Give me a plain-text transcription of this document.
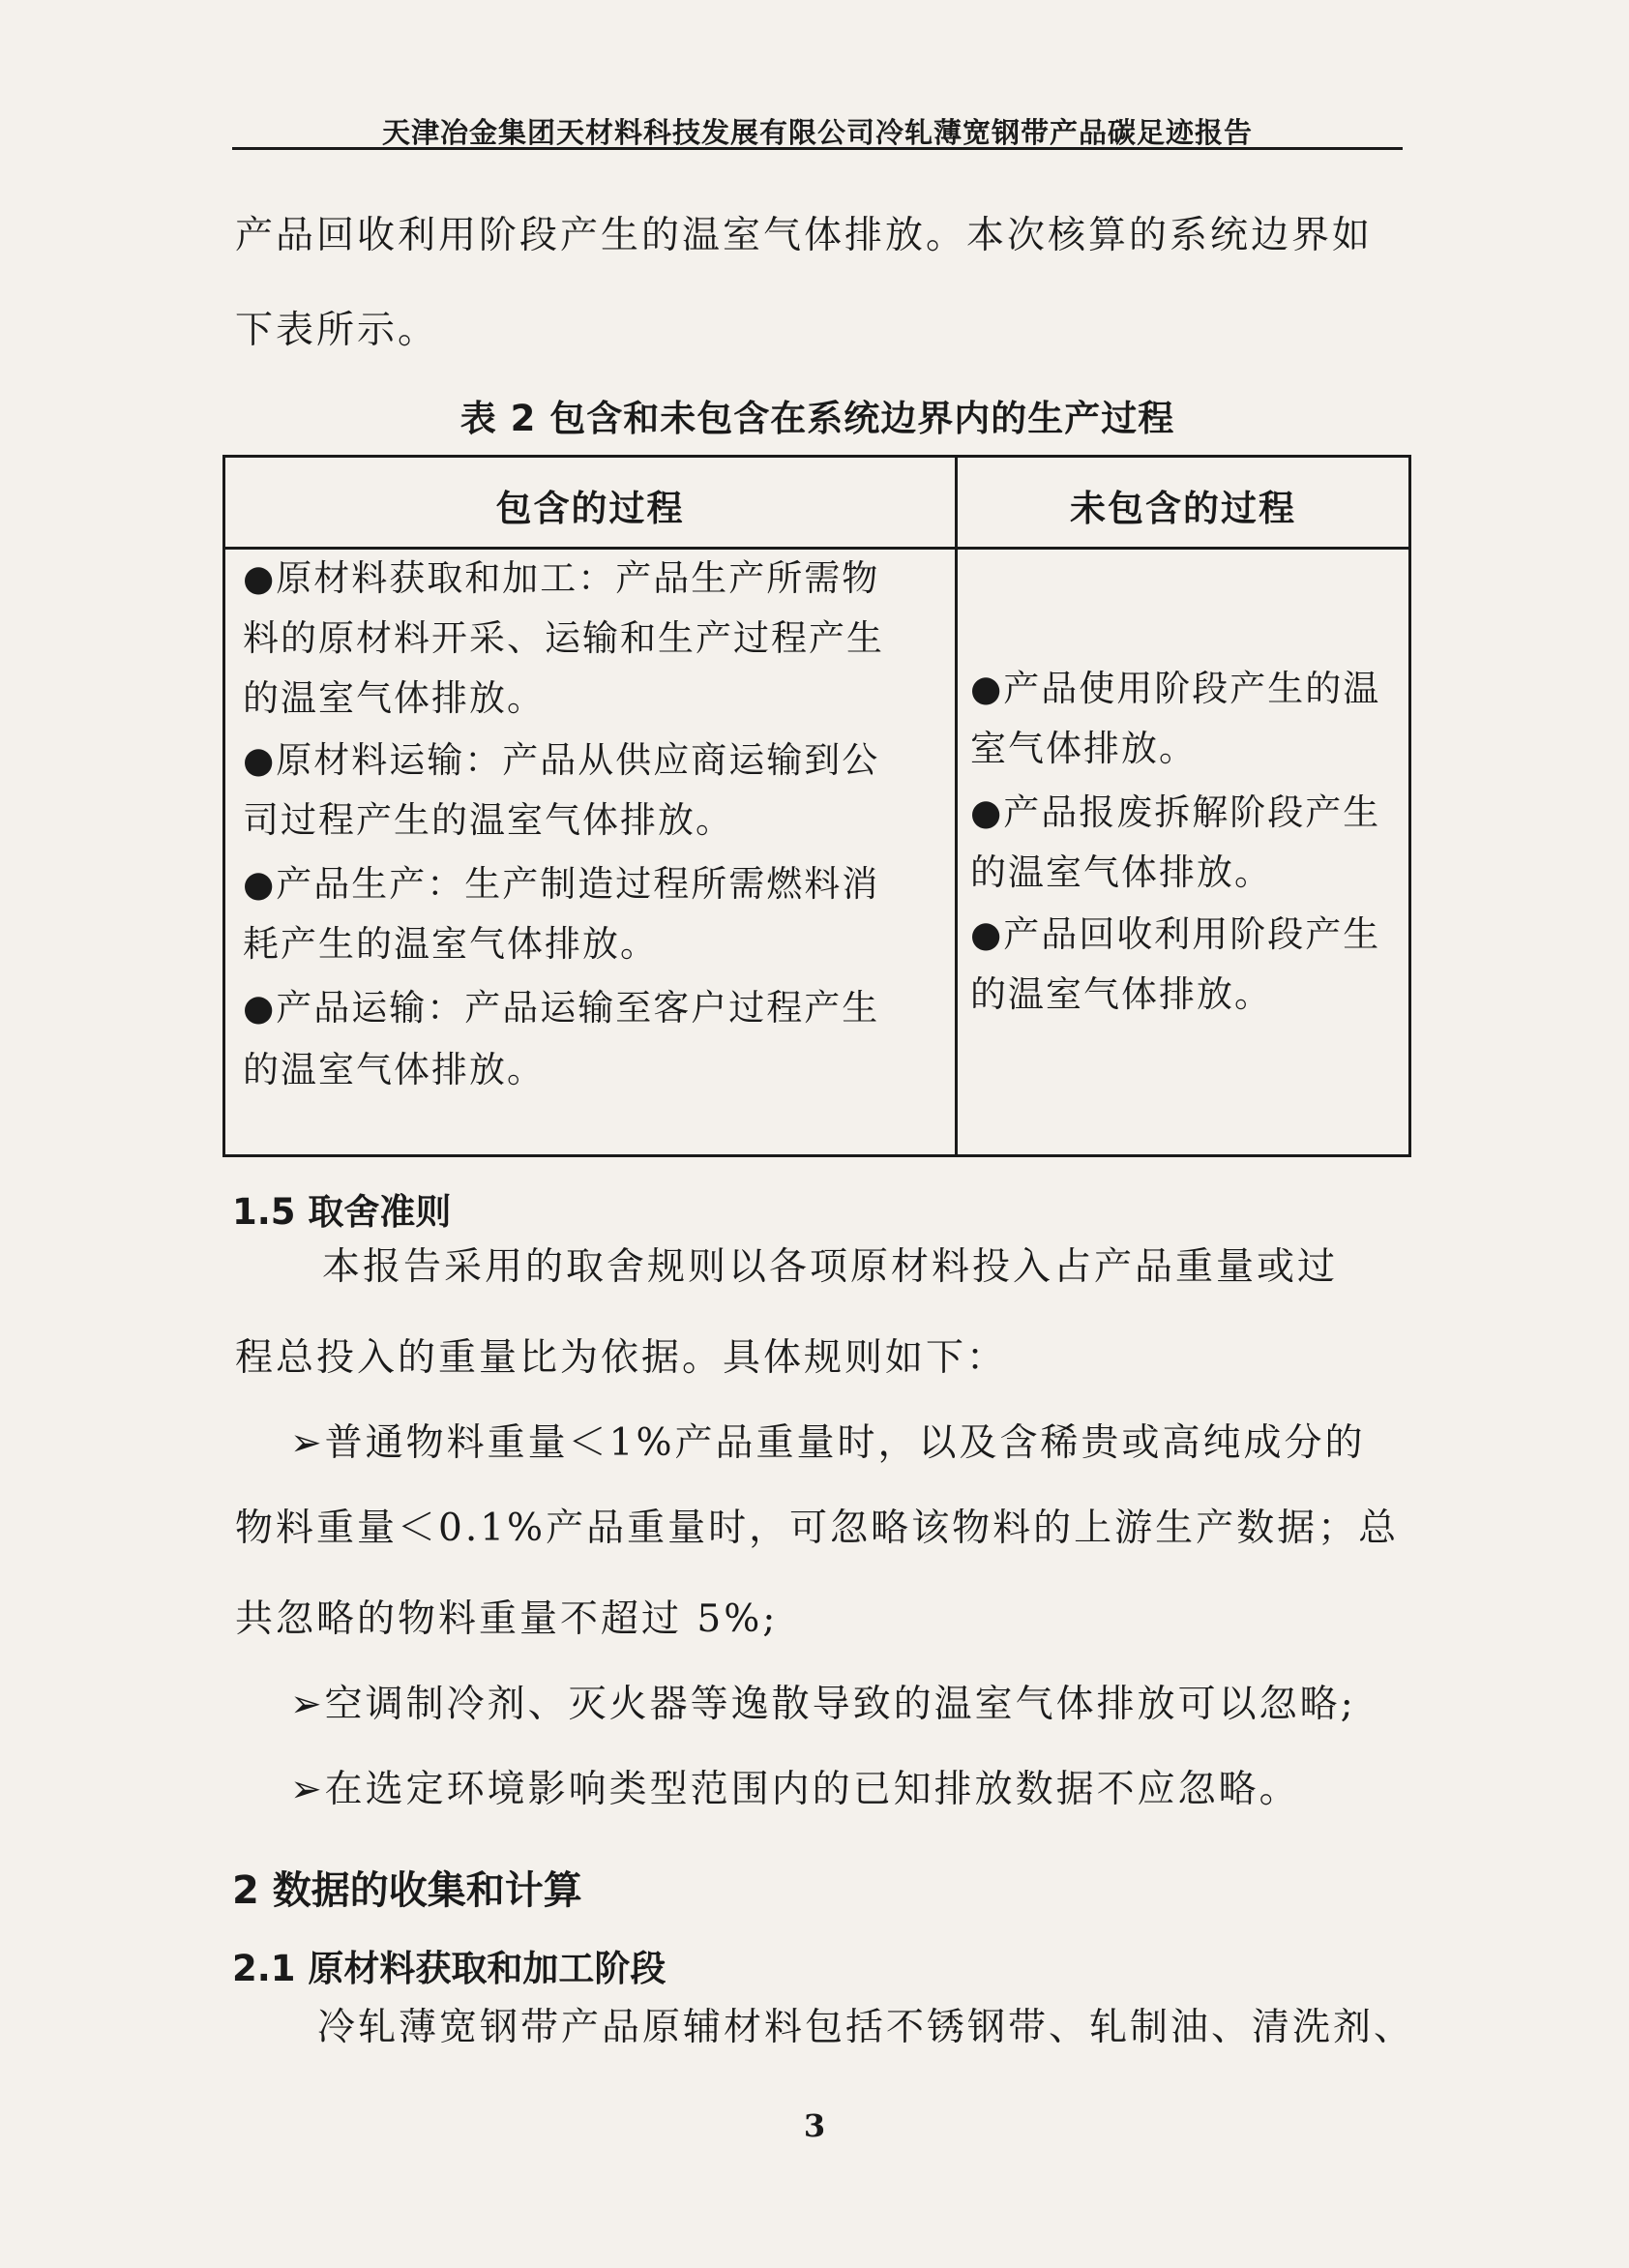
天津冶金集团天材料科技发展有限公司冷轧薄宽钢带产品碳足迹报告
产品回收利用阶段产生的温室气体排放。本次核算的系统边界如
下表所示。
表 2 包含和未包含在系统边界内的生产过程
包含的过程	未包含的过程
●原材料获取和加工：产品生产所需物
料的原材料开采、运输和生产过程产生
的温室气体排放。
●原材料运输：产品从供应商运输到公
司过程产生的温室气体排放。
●产品生产：生产制造过程所需燃料消
耗产生的温室气体排放。
●产品运输：产品运输至客户过程产生
的温室气体排放。
●产品使用阶段产生的温
室气体排放。
●产品报废拆解阶段产生
的温室气体排放。
●产品回收利用阶段产生
的温室气体排放。
1.5 取舍准则
本报告采用的取舍规则以各项原材料投入占产品重量或过
程总投入的重量比为依据。具体规则如下：
➢普通物料重量＜1%产品重量时，以及含稀贵或高纯成分的
物料重量＜0.1%产品重量时，可忽略该物料的上游生产数据；总
共忽略的物料重量不超过 5%;
➢空调制冷剂、灭火器等逸散导致的温室气体排放可以忽略;
➢在选定环境影响类型范围内的已知排放数据不应忽略。
2 数据的收集和计算
2.1 原材料获取和加工阶段
冷轧薄宽钢带产品原辅材料包括不锈钢带、轧制油、清洗剂、
3
